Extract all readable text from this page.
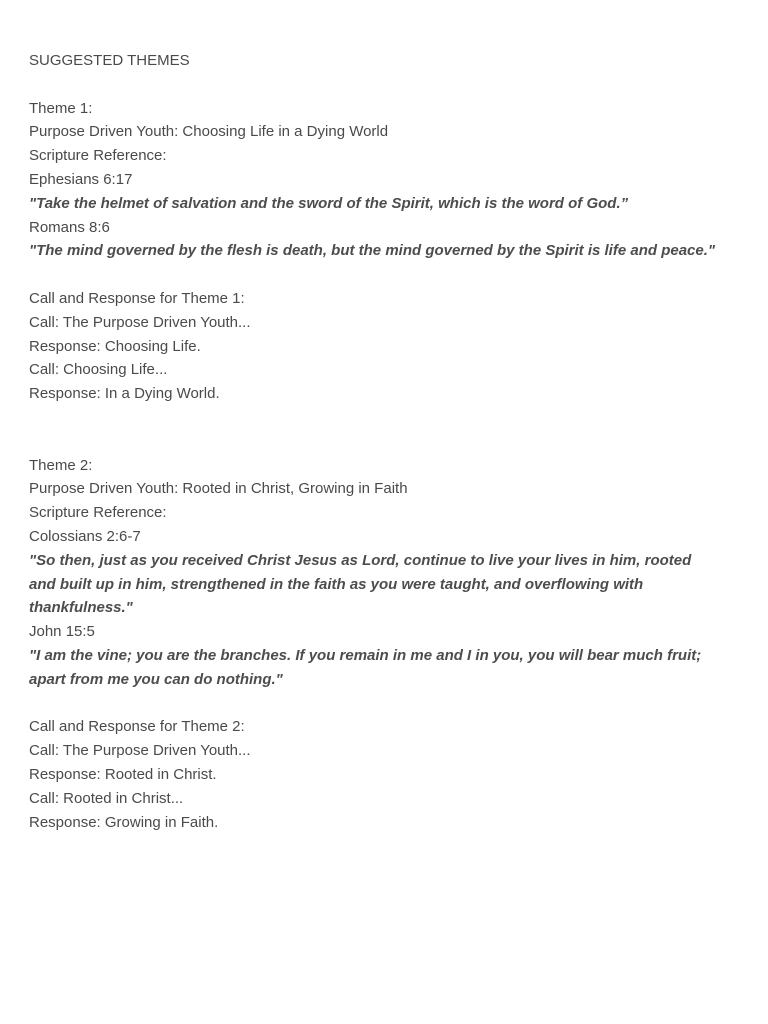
SUGGESTED THEMES
Theme 1:
Purpose Driven Youth: Choosing Life in a Dying World
Scripture Reference:
Ephesians 6:17
"Take the helmet of salvation and the sword of the Spirit, which is the word of God.”
Romans 8:6
"The mind governed by the flesh is death, but the mind governed by the Spirit is life and peace."
Call and Response for Theme 1:
Call: The Purpose Driven Youth...
Response: Choosing Life.
Call: Choosing Life...
Response: In a Dying World.
Theme 2:
Purpose Driven Youth: Rooted in Christ, Growing in Faith
Scripture Reference:
Colossians 2:6-7
"So then, just as you received Christ Jesus as Lord, continue to live your lives in him, rooted
and built up in him, strengthened in the faith as you were taught, and overflowing with
thankfulness."
John 15:5
"I am the vine; you are the branches. If you remain in me and I in you, you will bear much fruit;
apart from me you can do nothing."
Call and Response for Theme 2:
Call: The Purpose Driven Youth...
Response: Rooted in Christ.
Call: Rooted in Christ...
Response: Growing in Faith.
